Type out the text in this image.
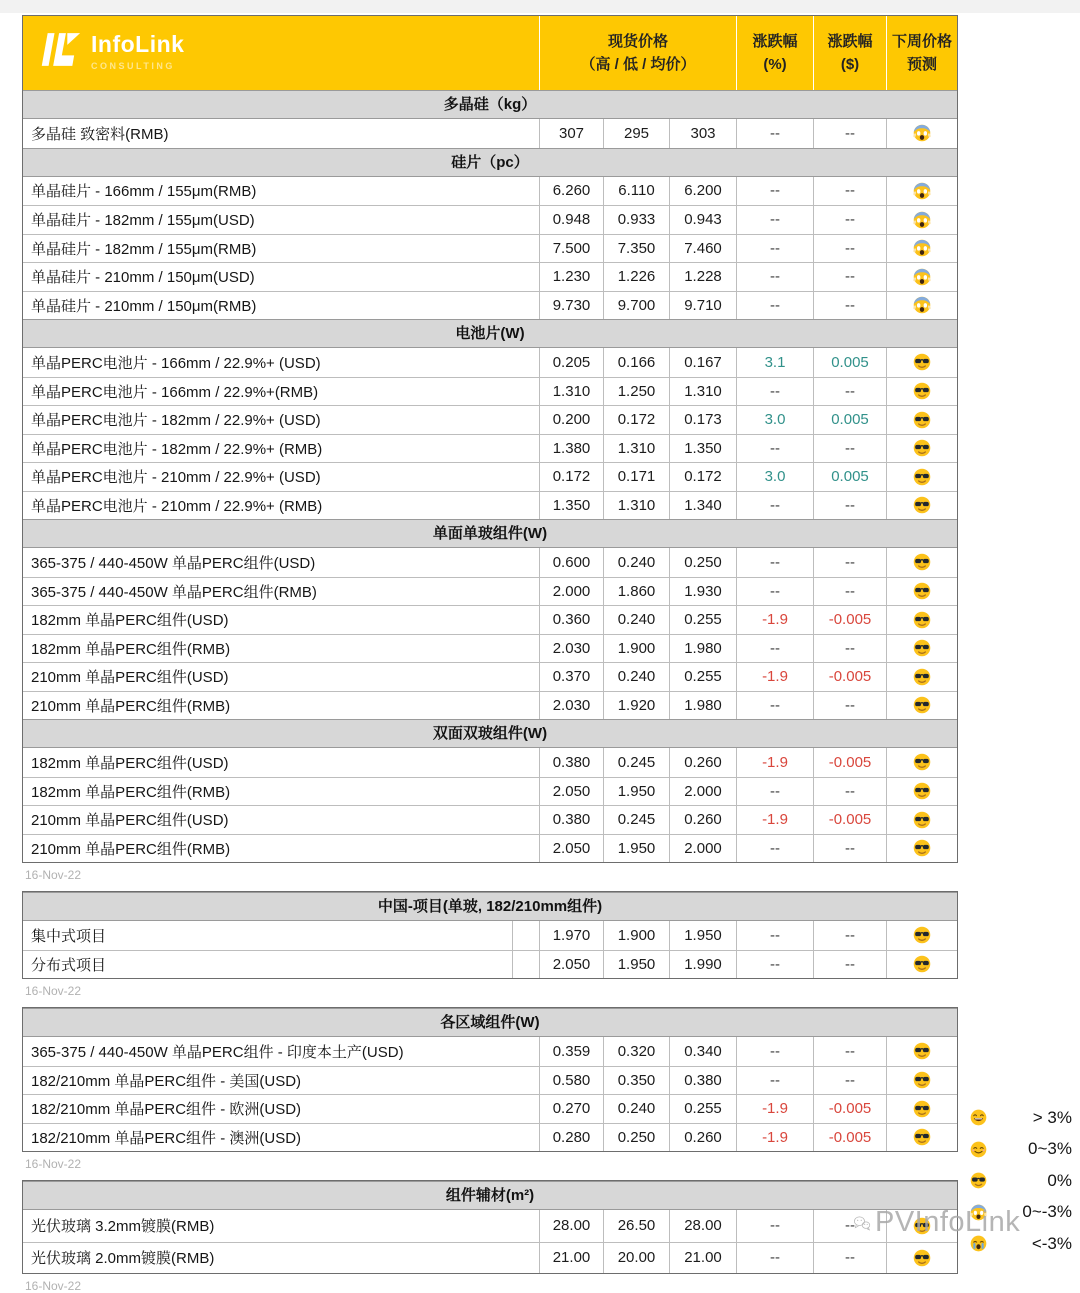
InfoLink
CONSULTING
现货价格
（高 / 低 / 均价）
涨跌幅
(%)
涨跌幅
($)
下周价格
预测
多晶硅（kg）
多晶硅 致密料(RMB)	307	295	303	--	--
硅片（pc）
单晶硅片 - 166mm / 155μm(RMB)	6.260	6.110	6.200	--	--
单晶硅片 - 182mm / 155μm(USD)	0.948	0.933	0.943	--	--
单晶硅片 - 182mm / 155μm(RMB)	7.500	7.350	7.460	--	--
单晶硅片 - 210mm / 150μm(USD)	1.230	1.226	1.228	--	--
单晶硅片 - 210mm / 150μm(RMB)	9.730	9.700	9.710	--	--
电池片(W)
单晶PERC电池片 - 166mm / 22.9%+ (USD)	0.205	0.166	0.167	3.1	0.005
单晶PERC电池片 - 166mm / 22.9%+(RMB)	1.310	1.250	1.310	--	--
单晶PERC电池片 - 182mm / 22.9%+ (USD)	0.200	0.172	0.173	3.0	0.005
单晶PERC电池片 - 182mm / 22.9%+ (RMB)	1.380	1.310	1.350	--	--
单晶PERC电池片 - 210mm / 22.9%+ (USD)	0.172	0.171	0.172	3.0	0.005
单晶PERC电池片 - 210mm / 22.9%+ (RMB)	1.350	1.310	1.340	--	--
单面单玻组件(W)
365-375 / 440-450W 单晶PERC组件(USD)	0.600	0.240	0.250	--	--
365-375 / 440-450W 单晶PERC组件(RMB)	2.000	1.860	1.930	--	--
182mm 单晶PERC组件(USD)	0.360	0.240	0.255	-1.9	-0.005
182mm 单晶PERC组件(RMB)	2.030	1.900	1.980	--	--
210mm 单晶PERC组件(USD)	0.370	0.240	0.255	-1.9	-0.005
210mm 单晶PERC组件(RMB)	2.030	1.920	1.980	--	--
双面双玻组件(W)
182mm 单晶PERC组件(USD)	0.380	0.245	0.260	-1.9	-0.005
182mm 单晶PERC组件(RMB)	2.050	1.950	2.000	--	--
210mm 单晶PERC组件(USD)	0.380	0.245	0.260	-1.9	-0.005
210mm 单晶PERC组件(RMB)	2.050	1.950	2.000	--	--
16-Nov-22
中国-项目(单玻, 182/210mm组件)
集中式项目	1.970	1.900	1.950	--	--
分布式项目	2.050	1.950	1.990	--	--
16-Nov-22
各区域组件(W)
365-375 / 440-450W 单晶PERC组件 - 印度本土产(USD)	0.359	0.320	0.340	--	--
182/210mm 单晶PERC组件 - 美国(USD)	0.580	0.350	0.380	--	--
182/210mm 单晶PERC组件 - 欧洲(USD)	0.270	0.240	0.255	-1.9	-0.005
182/210mm 单晶PERC组件 - 澳洲(USD)	0.280	0.250	0.260	-1.9	-0.005
16-Nov-22
组件辅材(m²)
光伏玻璃 3.2mm镀膜(RMB)	28.00	26.50	28.00	--	--
光伏玻璃 2.0mm镀膜(RMB)	21.00	20.00	21.00	--	--
16-Nov-22
> 3%
0~3%
0%
0~-3%
<-3%
PVInfoLink
